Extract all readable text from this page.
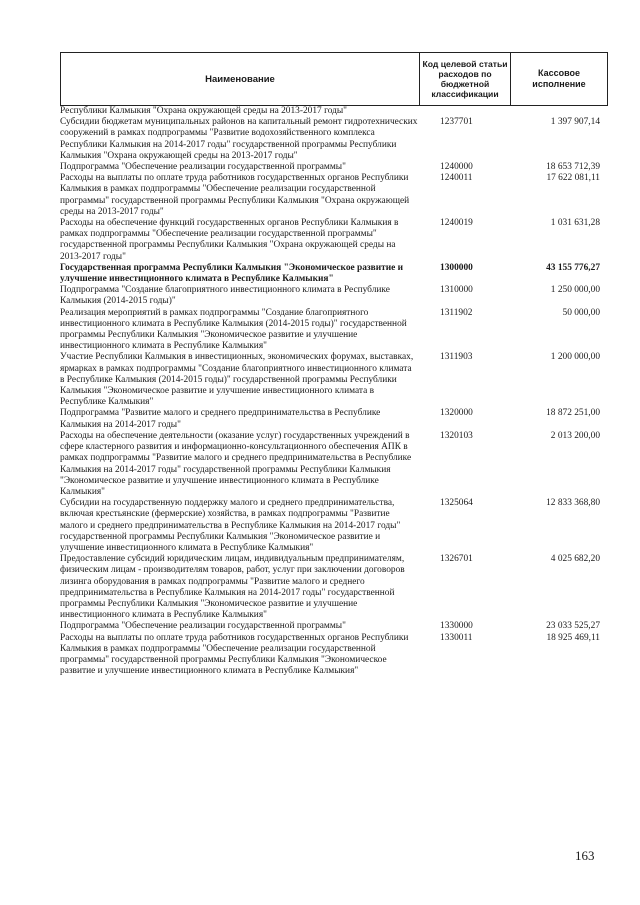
Наименование
Код целевой статьи расходов по бюджетной классификации
Кассовое исполнение
Республики Калмыкия "Охрана окружающей среды на 2013-2017 годы"
Субсидии бюджетам муниципальных районов на капитальный ремонт гидротехнических сооружений в рамках подпрограммы "Развитие водохозяйственного комплекса Республики Калмыкия на 2014-2017 годы" государственной программы Республики Калмыкия "Охрана окружающей среды на 2013-2017 годы"
1237701	1 397 907,14
Подпрограмма "Обеспечение реализации государственной программы"	1240000	18 653 712,39
Расходы на выплаты по оплате труда работников государственных органов Республики Калмыкия в рамках подпрограммы "Обеспечение реализации государственной программы" государственной программы Республики Калмыкия "Охрана окружающей среды на 2013-2017 годы"
1240011	17 622 081,11
Расходы на обеспечение функций государственных органов Республики Калмыкия в рамках подпрограммы "Обеспечение реализации государственной программы" государственной программы Республики Калмыкия "Охрана окружающей среды на 2013-2017 годы"
1240019	1 031 631,28
Государственная программа Республики Калмыкия "Экономическое развитие и улучшение инвестиционного климата в Республике Калмыкия"
1300000	43 155 776,27
Подпрограмма "Создание благоприятного инвестиционного климата в Республике Калмыкия (2014-2015 годы)"
1310000	1 250 000,00
Реализация мероприятий в рамках подпрограммы "Создание благоприятного инвестиционного климата в Республике Калмыкия (2014-2015 годы)" государственной программы Республики Калмыкия "Экономическое развитие и улучшение инвестиционного климата в Республике Калмыкия"
1311902	50 000,00
Участие Республики Калмыкия в инвестиционных, экономических форумах, выставках, ярмарках в рамках подпрограммы "Создание благоприятного инвестиционного климата в Республике Калмыкия (2014-2015 годы)" государственной программы Республики Калмыкия "Экономическое развитие и улучшение инвестиционного климата в Республике Калмыкия"
1311903	1 200 000,00
Подпрограмма "Развитие малого и среднего предпринимательства в Республике Калмыкия на 2014-2017 годы"
1320000	18 872 251,00
Расходы на обеспечение деятельности (оказание услуг) государственных учреждений в сфере кластерного развития и информационно-консультационного обеспечения АПК в рамках подпрограммы "Развитие малого и среднего предпринимательства в Республике Калмыкия на 2014-2017 годы" государственной программы Республики Калмыкия "Экономическое развитие и улучшение инвестиционного климата в Республике Калмыкия"
1320103	2 013 200,00
Субсидии на государственную поддержку малого и среднего предпринимательства, включая крестьянские (фермерские) хозяйства, в рамках подпрограммы "Развитие малого и среднего предпринимательства в Республике Калмыкия на 2014-2017 годы" государственной программы Республики Калмыкия "Экономическое развитие и улучшение инвестиционного климата в Республике Калмыкия"
1325064	12 833 368,80
Предоставление субсидий юридическим лицам, индивидуальным предпринимателям, физическим лицам - производителям товаров, работ, услуг при заключении договоров лизинга оборудования в рамках подпрограммы "Развитие малого и среднего предпринимательства в Республике Калмыкия на 2014-2017 годы" государственной программы Республики Калмыкия "Экономическое развитие и улучшение инвестиционного климата в Республике Калмыкия"
1326701	4 025 682,20
Подпрограмма "Обеспечение реализации государственной программы"	1330000	23 033 525,27
Расходы на выплаты по оплате труда работников государственных органов Республики Калмыкия в рамках подпрограммы "Обеспечение реализации государственной программы" государственной программы Республики Калмыкия "Экономическое развитие и улучшение инвестиционного климата в Республике Калмыкия"
1330011	18 925 469,11
163
